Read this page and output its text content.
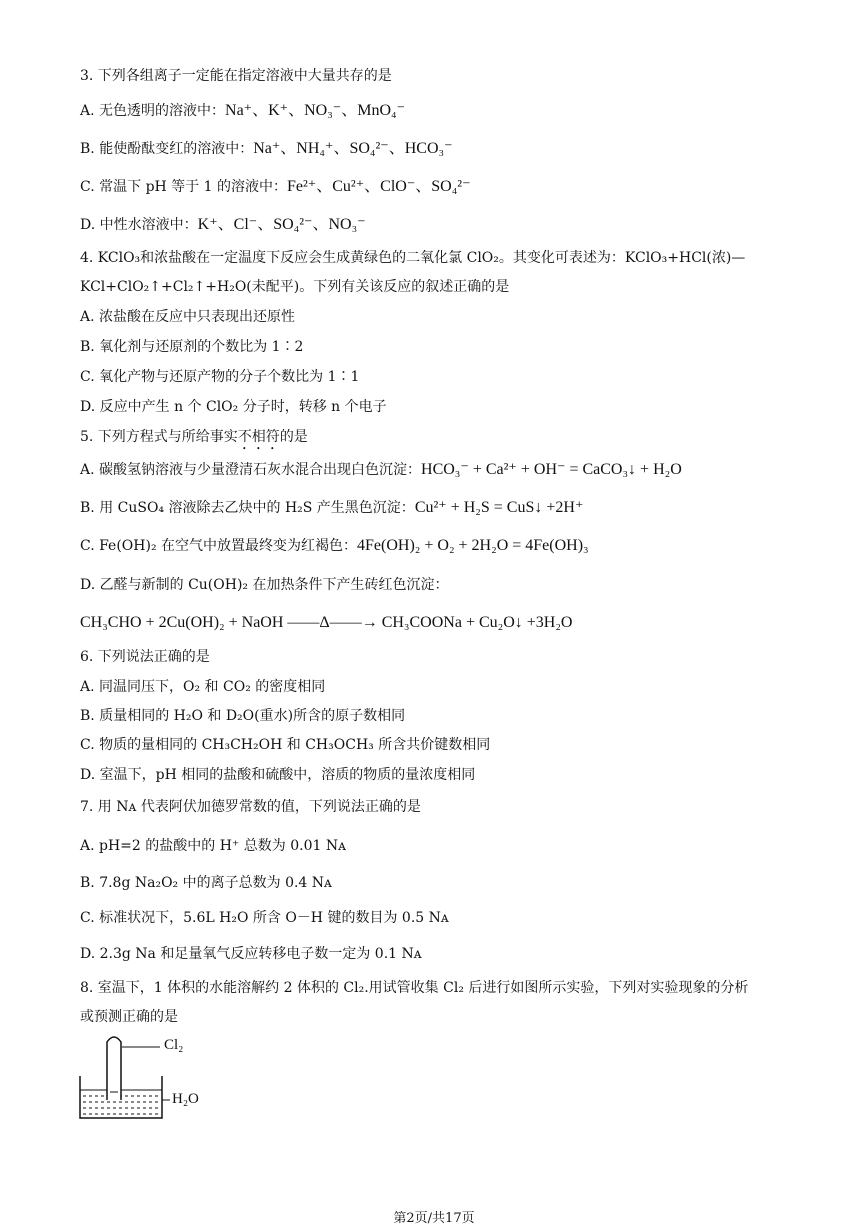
3. 下列各组离子一定能在指定溶液中大量共存的是
A. 无色透明的溶液中：Na⁺、K⁺、NO₃⁻、MnO₄⁻
B. 能使酚酞变红的溶液中：Na⁺、NH₄⁺、SO₄²⁻、HCO₃⁻
C. 常温下 pH 等于 1 的溶液中：Fe²⁺、Cu²⁺、ClO⁻、SO₄²⁻
D. 中性水溶液中：K⁺、Cl⁻、SO₄²⁻、NO₃⁻
4. KClO₃和浓盐酸在一定温度下反应会生成黄绿色的二氧化氯 ClO₂。其变化可表述为：KClO₃+HCl(浓)—
KCl+ClO₂↑+Cl₂↑+H₂O(未配平)。下列有关该反应的叙述正确的是
A. 浓盐酸在反应中只表现出还原性
B. 氧化剂与还原剂的个数比为 1∶2
C. 氧化产物与还原产物的分子个数比为 1∶1
D. 反应中产生 n 个 ClO₂ 分子时，转移 n 个电子
5. 下列方程式与所给事实不相符的是
A. 碳酸氢钠溶液与少量澄清石灰水混合出现白色沉淀：HCO₃⁻ + Ca²⁺ + OH⁻ = CaCO₃↓ + H₂O
B. 用 CuSO₄ 溶液除去乙炔中的 H₂S 产生黑色沉淀：Cu²⁺ + H₂S = CuS↓ +2H⁺
C. Fe(OH)₂ 在空气中放置最终变为红褐色：4Fe(OH)₂ + O₂ + 2H₂O = 4Fe(OH)₃
D. 乙醛与新制的 Cu(OH)₂ 在加热条件下产生砖红色沉淀：
CH₃CHO + 2Cu(OH)₂ + NaOH ——Δ——→ CH₃COONa + Cu₂O↓ +3H₂O
6. 下列说法正确的是
A. 同温同压下，O₂ 和 CO₂ 的密度相同
B. 质量相同的 H₂O 和 D₂O(重水)所含的原子数相同
C. 物质的量相同的 CH₃CH₂OH 和 CH₃OCH₃ 所含共价键数相同
D. 室温下，pH 相同的盐酸和硫酸中，溶质的物质的量浓度相同
7. 用 Nᴀ 代表阿伏加德罗常数的值，下列说法正确的是
A. pH=2 的盐酸中的 H⁺ 总数为 0.01 Nᴀ
B. 7.8g Na₂O₂ 中的离子总数为 0.4 Nᴀ
C. 标准状况下，5.6L H₂O 所含 O－H 键的数目为 0.5 Nᴀ
D. 2.3g Na 和足量氧气反应转移电子数一定为 0.1 Nᴀ
8. 室温下，1 体积的水能溶解约 2 体积的 Cl₂.用试管收集 Cl₂ 后进行如图所示实验，下列对实验现象的分析
或预测正确的是
Cl₂
H₂O
第2页/共17页
